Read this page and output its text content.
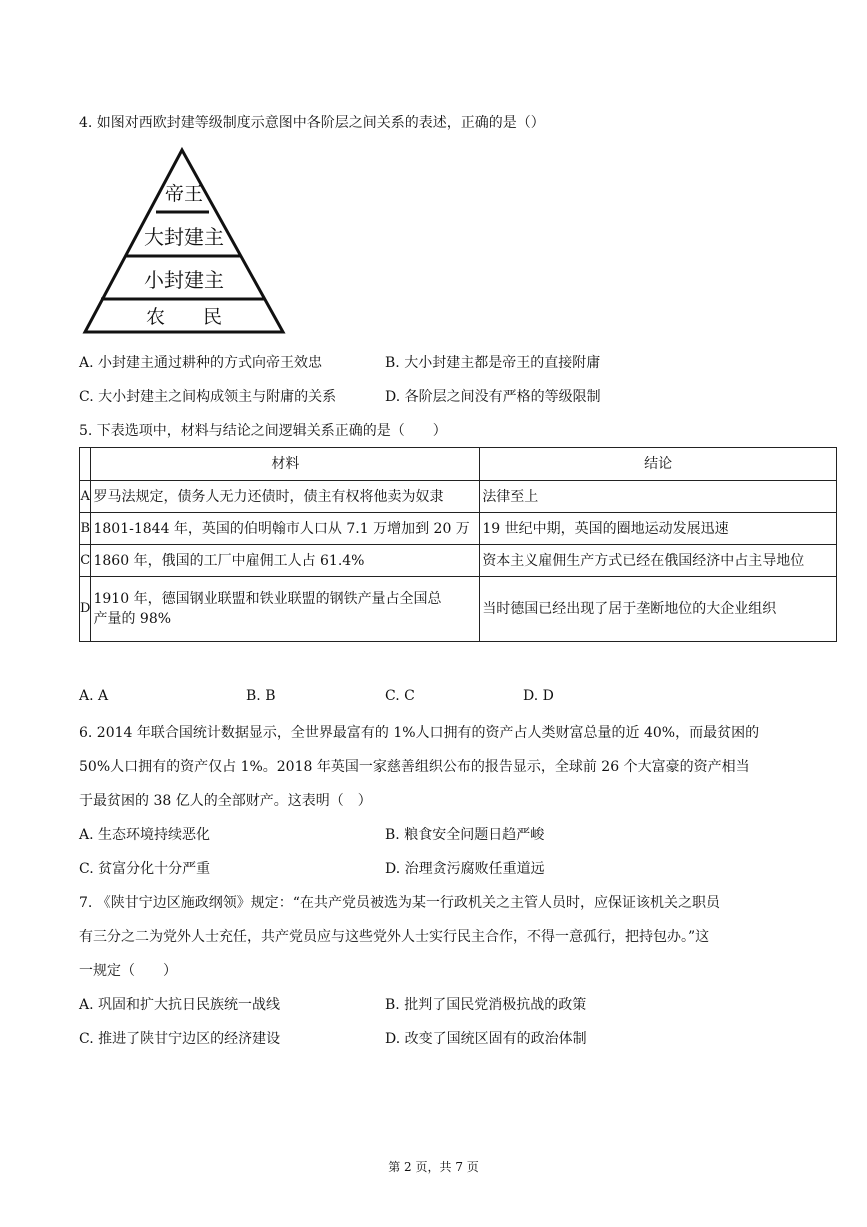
4. 如图对西欧封建等级制度示意图中各阶层之间关系的表述，正确的是（）
帝王
大封建主
小封建主
农　　民
A. 小封建主通过耕种的方式向帝王效忠	B. 大小封建主都是帝王的直接附庸
C. 大小封建主之间构成领主与附庸的关系	D. 各阶层之间没有严格的等级限制
5. 下表选项中，材料与结论之间逻辑关系正确的是（　　）
	材料	结论
A	罗马法规定，债务人无力还债时，债主有权将他卖为奴隶	法律至上
B	1801-1844 年，英国的伯明翰市人口从 7.1 万增加到 20 万	19 世纪中期，英国的圈地运动发展迅速
C	1860 年，俄国的工厂中雇佣工人占 61.4%	资本主义雇佣生产方式已经在俄国经济中占主导地位
D	1910 年，德国钢业联盟和铁业联盟的钢铁产量占全国总
产量的 98%	当时德国已经出现了居于垄断地位的大企业组织
A. A	B. B	C. C	D. D
6. 2014 年联合国统计数据显示，全世界最富有的 1%人口拥有的资产占人类财富总量的近 40%，而最贫困的
50%人口拥有的资产仅占 1%。2018 年英国一家慈善组织公布的报告显示，全球前 26 个大富豪的资产相当
于最贫困的 38 亿人的全部财产。这表明（　）
A. 生态环境持续恶化	B. 粮食安全问题日趋严峻
C. 贫富分化十分严重	D. 治理贪污腐败任重道远
7. 《陕甘宁边区施政纲领》规定：“在共产党员被选为某一行政机关之主管人员时，应保证该机关之职员
有三分之二为党外人士充任，共产党员应与这些党外人士实行民主合作，不得一意孤行，把持包办。”这
一规定（　　）
A. 巩固和扩大抗日民族统一战线	B. 批判了国民党消极抗战的政策
C. 推进了陕甘宁边区的经济建设	D. 改变了国统区固有的政治体制
第 2 页，共 7 页
